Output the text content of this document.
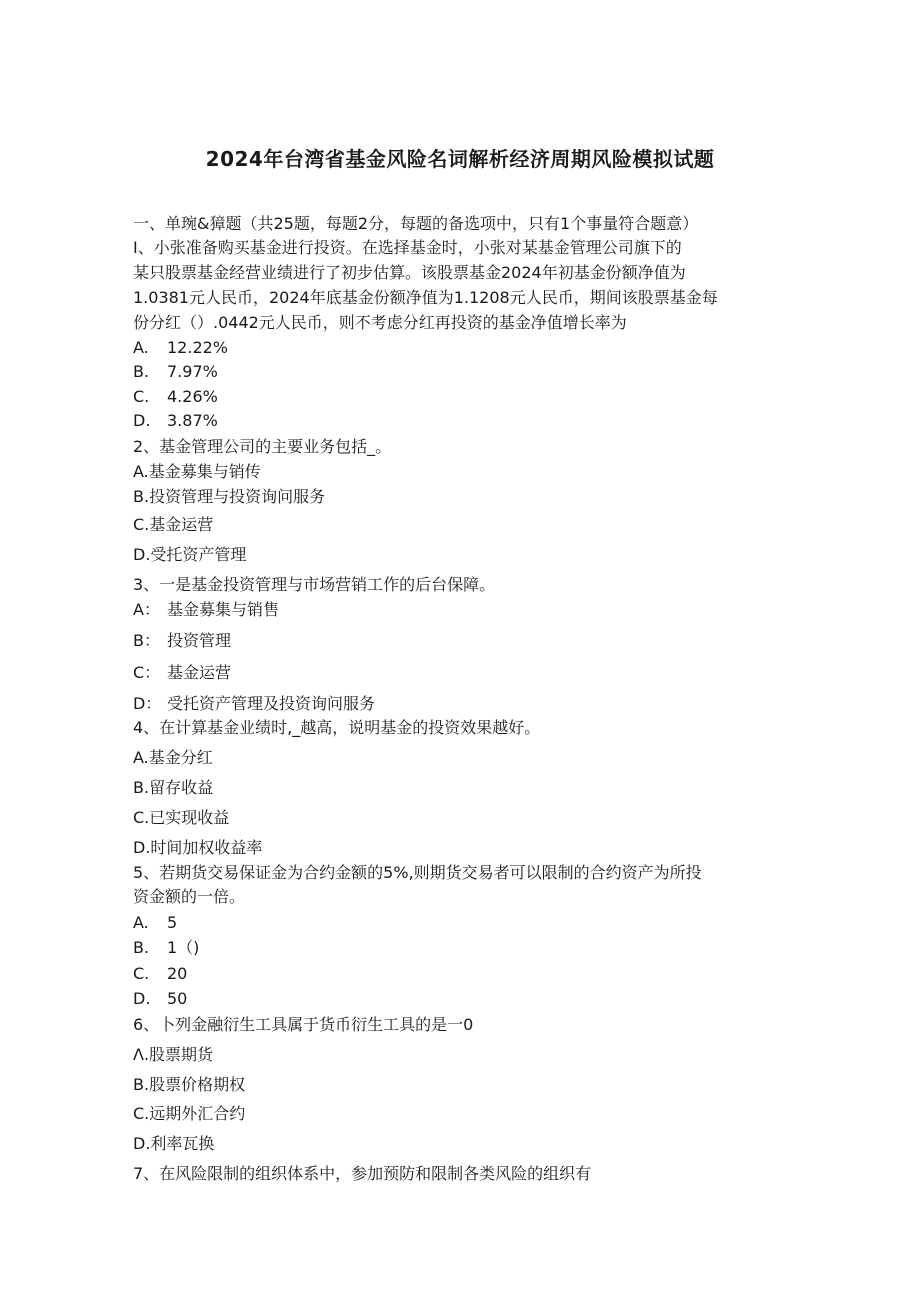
2024年台湾省基金风险名词解析经济周期风险模拟试题
一、单琬&獐题（共25题，每题2分，每题的备选项中，只有1个事量符合题意）
I、小张准备购买基金进行投资。在选择基金时，小张对某基金管理公司旗下的
某只股票基金经营业绩进行了初步估算。该股票基金2024年初基金份额净值为
1.0381元人民币，2024年底基金份额净值为1.1208元人民币，期间该股票基金每
份分红（）.0442元人民币，则不考虑分红再投资的基金净值增长率为
A. 12.22%
B. 7.97%
C. 4.26%
D. 3.87%
2、基金管理公司的主要业务包括_。
A.基金募集与销传
B.投资管理与投资询问服务
C.基金运营
D.受托资产管理
3、一是基金投资管理与市场营销工作的后台保障。
A： 基金募集与销售
B： 投资管理
C： 基金运营
D： 受托资产管理及投资询问服务
4、在计算基金业绩时,_越高，说明基金的投资效果越好。
A.基金分红
B.留存收益
C.已实现收益
D.时间加权收益率
5、若期货交易保证金为合约金额的5%,则期货交易者可以限制的合约资产为所投
资金额的一倍。
A. 5
B. 1（)
C. 20
D. 50
6、卜列金融衍生工具属于货币衍生工具的是一0
Λ.股票期货
B.股票价格期权
C.远期外汇合约
D.利率瓦换
7、在风险限制的组织体系中，参加预防和限制各类风险的组织有
